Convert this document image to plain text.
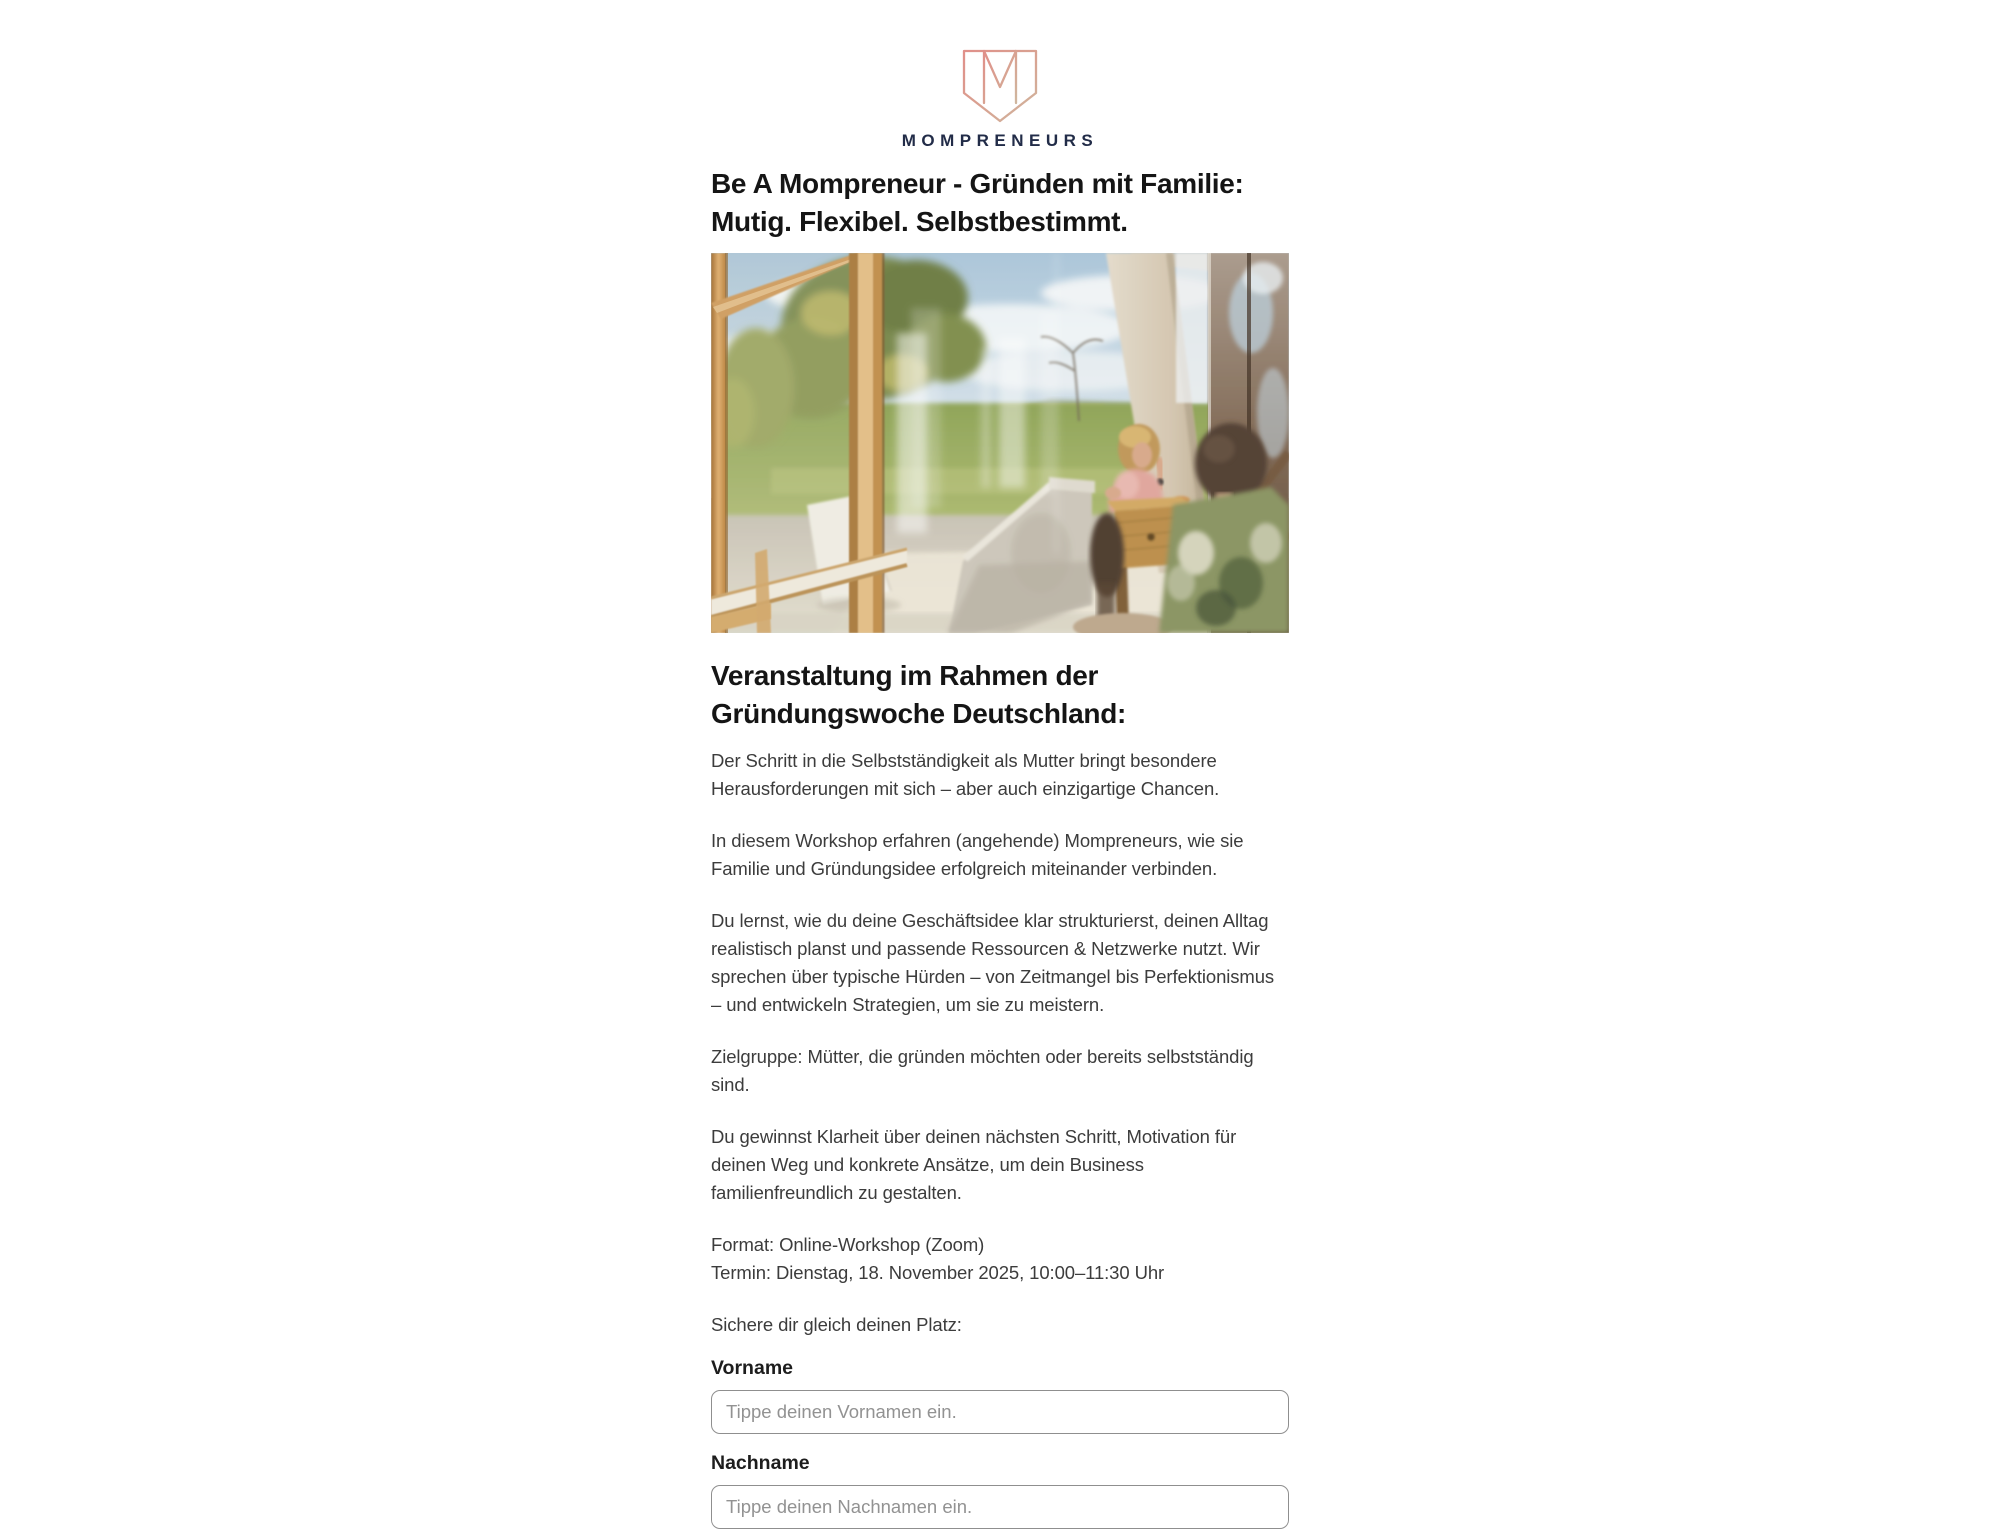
MOMPRENEURS
Be A Mompreneur - Gründen mit Familie:
Mutig. Flexibel. Selbstbestimmt.
Veranstaltung im Rahmen der
Gründungswoche Deutschland:

Der Schritt in die Selbstständigkeit als Mutter bringt besondere Herausforderungen mit sich – aber auch einzigartige Chancen.

In diesem Workshop erfahren (angehende) Mompreneurs, wie sie Familie und Gründungsidee erfolgreich miteinander verbinden.

Du lernst, wie du deine Geschäftsidee klar strukturierst, deinen Alltag realistisch planst und passende Ressourcen & Netzwerke nutzt. Wir sprechen über typische Hürden – von Zeitmangel bis Perfektionismus – und entwickeln Strategien, um sie zu meistern.

Zielgruppe: Mütter, die gründen möchten oder bereits selbstständig sind.

Du gewinnst Klarheit über deinen nächsten Schritt, Motivation für deinen Weg und konkrete Ansätze, um dein Business familienfreundlich zu gestalten.

Format: Online-Workshop (Zoom)
Termin: Dienstag, 18. November 2025, 10:00–11:30 Uhr

Sichere dir gleich deinen Platz:

Vorname
Tippe deinen Vornamen ein.
Nachname
Tippe deinen Nachnamen ein.
